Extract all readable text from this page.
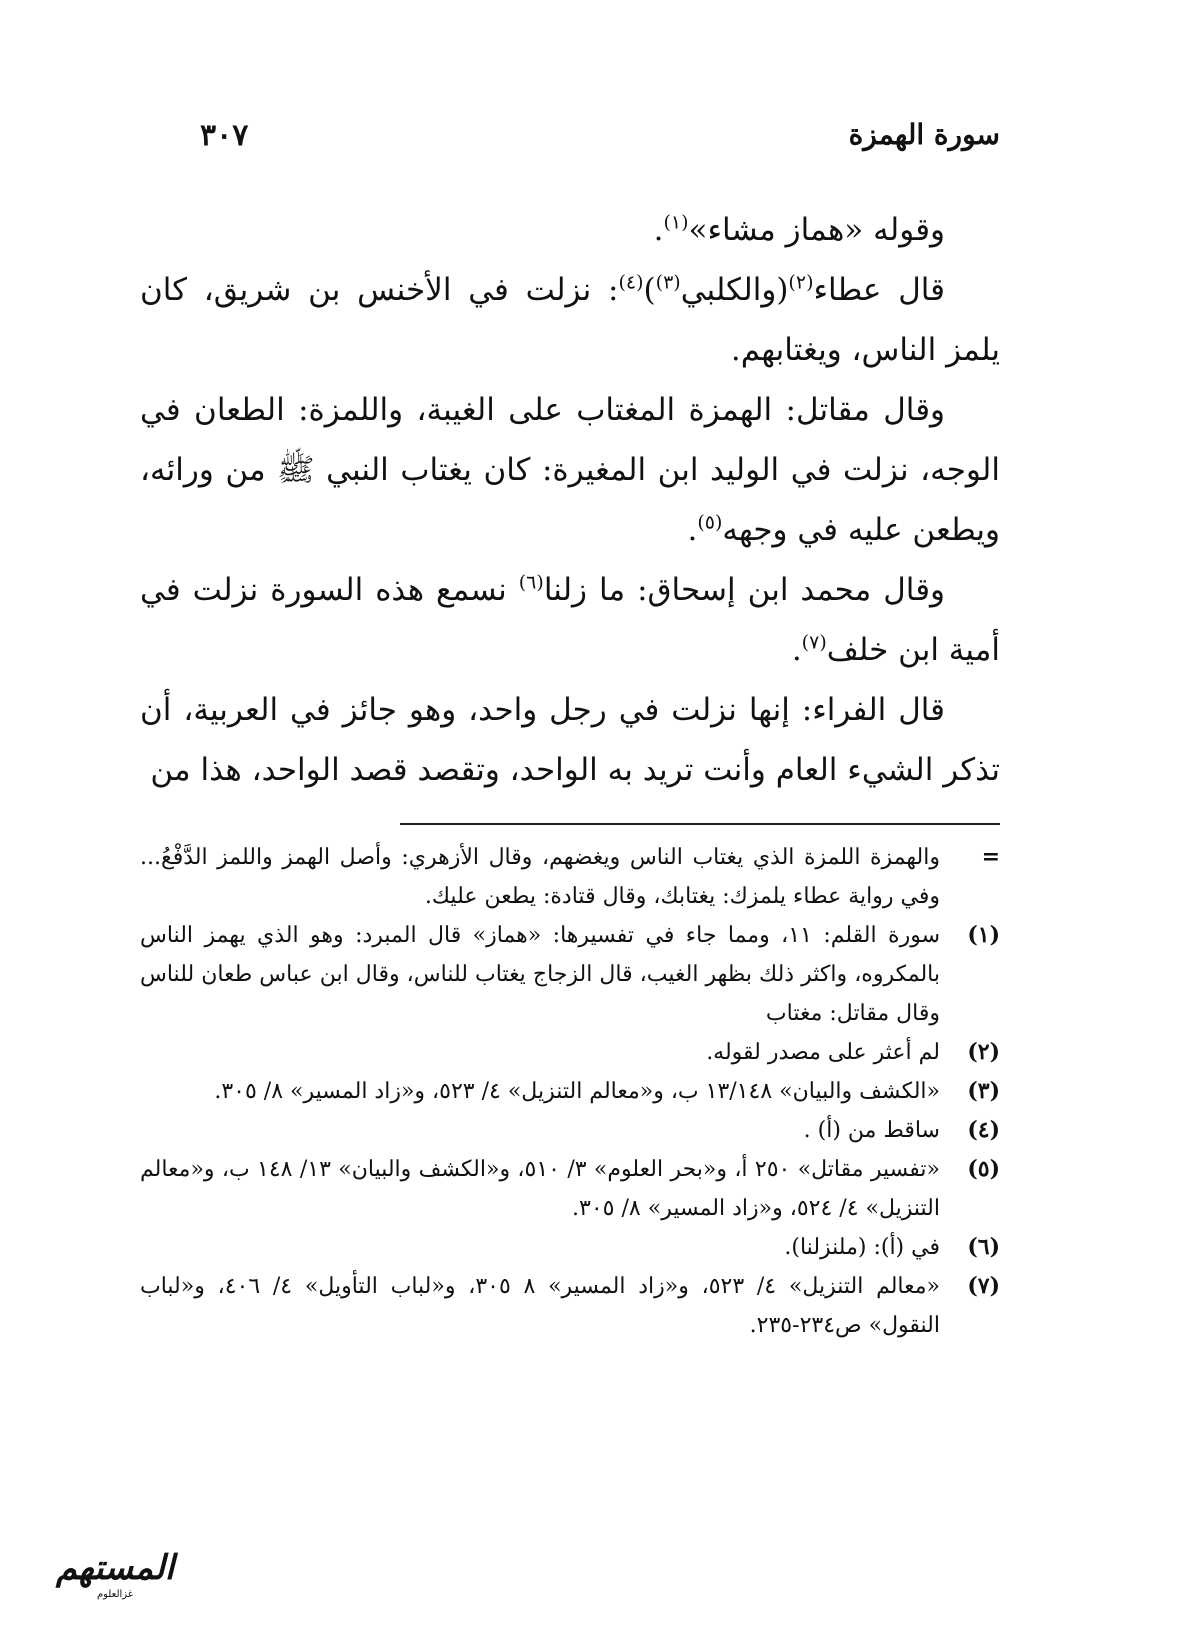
سورة الهمزة
٣٠٧

وقوله «هماز مشاء»$^{(١)}$.

قال عطاء$^{(٢)}$(والكلبي$^{(٣)}$)$^{(٤)}$: نزلت في الأخنس بن شريق، كان يلمز الناس، ويغتابهم.

وقال مقاتل: الهمزة المغتاب على الغيبة، واللمزة: الطعان في الوجه، نزلت في الوليد ابن المغيرة: كان يغتاب النبي ﷺ من ورائه، ويطعن عليه في وجهه$^{(٥)}$.

وقال محمد ابن إسحاق: ما زلنا$^{(٦)}$ نسمع هذه السورة نزلت في أمية ابن خلف$^{(٧)}$.

قال الفراء: إنها نزلت في رجل واحد، وهو جائز في العربية، أن تذكر الشيء العام وأنت تريد به الواحد، وتقصد قصد الواحد، هذا من

=
والهمزة اللمزة الذي يغتاب الناس ويغضهم، وقال الأزهري: وأصل الهمز واللمز الدَّفْعُ... وفي رواية عطاء يلمزك: يغتابك، وقال قتادة: يطعن عليك.
(١)
سورة القلم: ١١، ومما جاء في تفسيرها: «هماز» قال المبرد: وهو الذي يهمز الناس بالمكروه، واكثر ذلك بظهر الغيب، قال الزجاج يغتاب للناس، وقال ابن عباس طعان للناس وقال مقاتل: مغتاب
(٢)
لم أعثر على مصدر لقوله.
(٣)
«الكشف والبيان» ١٣/١٤٨ ب، و«معالم التنزيل» ٤/ ٥٢٣، و«زاد المسير» ٨/ ٣٠٥.
(٤)
ساقط من (أ) .
(٥)
«تفسير مقاتل» ٢٥٠ أ، و«بحر العلوم» ٣/ ٥١٠، و«الكشف والبيان» ١٣/ ١٤٨ ب، و«معالم التنزيل» ٤/ ٥٢٤، و«زاد المسير» ٨/ ٣٠٥.
(٦)
في (أ): (ملنزلنا).
(٧)
«معالم التنزيل» ٤/ ٥٢٣، و«زاد المسير» ٨ ٣٠٥، و«لباب التأويل» ٤/ ٤٠٦، و«لباب النقول» ص٢٣٤-٢٣٥.
المستهم
غزالعلوم
